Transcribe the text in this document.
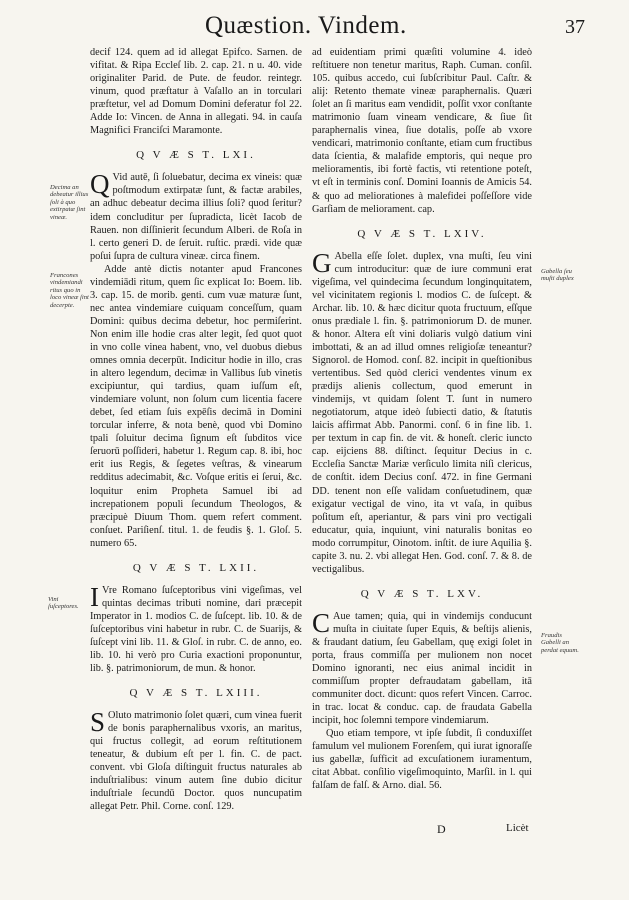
Quæstion. Vindem.	37
Decima an debeatur illius ſoli à quo extirpatæ ſint vineæ.
Francones vindemiandi ritus quo in loco vineæ ſint decerpte.
Vini ſuſceptores.
Gabella ſeu muſti duplex
Fraudis Gabelli an perdat equum.

decif 124. quem ad id allegat Epifco. Sarnen. de vifitat. & Ripa Eccleſ lib. 2. cap. 21. n u. 40. vide originaliter Parid. de Pute. de feudor. reintegr. vinum, quod præftatur à Vaſallo an in torculari præftetur, vel ad Domum Domini deferatur fol 22. Adde Io: Vincen. de Anna in allegati. 94. in cauſa Magnifici Franciſci Maramonte.

Q V Æ S T. LXI.

Q Vid autē, ſi ſoluebatur, decima ex vineis: quæ poſtmodum extirpatæ ſunt, & factæ arabiles, an adhuc debeatur decima illius ſoli? quod ſeritur? idem concluditur per ſupradicta, licèt Iacob de Rauen. non diſſinierit ſecundum Alberi. de Roſa in l. certo generi D. de ſeruit. ruſtic. prædi. vide quæ poſui ſupra de cultura vineæ. circa finem.

Adde antè dictis notanter apud Francones vindemiādi ritum, quem ſic explicat Io: Boem. lib. 3. cap. 15. de morib. genti. cum vuæ maturæ ſunt, nec antea vindemiare cuiquam conceſſum, quam Domini: quibus decima debetur, hoc permiſerint. Non enim ille hodie cras alter legit, ſed quot quot in vno colle vinea habent, vno, vel duobus diebus omnes omnia decerpūt. Indicitur hodie in illo, cras in altero legendum, decimæ in Vallibus ſub vinetis excipiuntur, qui tardius, quam iuſſum eſt, vindemiare volunt, non ſolum cum licentia facere debet, ſed etiam ſuis expēſis decimā in Domini torcular inferre, & nota benè, quod vbi Domino tpali ſoluitur decima ſignum eſt ſubditos vice ſeruorū poſſideri, habetur 1. Regum cap. 8. ibi, hoc erit ius Regis, & ſegetes veſtras, & vinearum redditus adecimabit, &c. Voſque eritis ei ſerui, &c. loquitur enim Propheta Samuel ibi ad increpationem populi ſecundum Theologos, & præcipuè Diuum Thom. quem refert comment. conſuet. Pariſienſ. titul. 1. de feudis §. 1. Gloſ. 5. numero 65.

Q V Æ S T. LXII.

I Vre Romano ſuſceptoribus vini vigeſimas, vel quintas decimas tributi nomine, dari præcepit Imperator in 1. modios C. de ſuſcept. lib. 10. & de ſuſceptoribus vini habetur in rubr. C. de Suarijs, & ſuſcept vini lib. 11. & Gloſ. in rubr. C. de anno, eo. lib. 10. hi verò pro Curia exactioni proponuntur, lib. §. patrimoniorum, de mun. & honor.

Q V Æ S T. LXIII.

S Oluto matrimonio ſolet quæri, cum vinea fuerit de bonis paraphernalibus vxoris, an maritus, qui fructus collegit, ad eorum reſtitutionem teneatur, & dubium eſt per l. fin. C. de pact. convent. vbi Gloſa diſtinguit fructus naturales ab induſtrialibus: vinum autem ſine dubio dicitur induſtriale ſecundū Doctor. quos nuncupatim allegat Petr. Phil. Corne. conſ. 129.

ad euidentiam primi quæſiti volumine 4. ideò reſtituere non tenetur maritus, Raph. Cuman. conſil. 105. quibus accedo, cui ſubſcribitur Paul. Caſtr. & alij: Retento themate vineæ paraphernalis. Quæri ſolet an ſi maritus eam vendidit, poſſit vxor conſtante matrimonio ſuam vineam vendicare, & ſiue ſit paraphernalis vinea, ſiue dotalis, poſſe ab vxore vendicari, matrimonio conſtante, etiam cum fructibus data ſcientia, & malafide emptoris, qui neque pro melioramentis, ibi fortè factis, vti retentione poteſt, vt eſt in terminis conſ. Domini Ioannis de Amicis 54. & quo ad meliorationes à malefidei poſſeſſore vide Garſiam de meliorament. cap.

Q V Æ S T. LXIV.

G Abella eſſe ſolet. duplex, vna muſti, ſeu vini cum introducitur: quæ de iure communi erat vigeſima, vel quindecima ſecundum longinquitatem, vel vicinitatem regionis l. modios C. de ſuſcept. & Archar. lib. 10. & hæc dicitur quota fructuum, eſſque onus prædiale l. fin. §. patrimoniorum D. de muner. & honor. Altera eſt vini doliaris vulgò datium vini imbottati, & an ad illud omnes religioſæ teneantur? Signorol. de Homod. conſ. 82. incipit in queſtionibus vertentibus. Sed quòd clerici vendentes vinum ex prædijs alienis collectum, quod emerunt in vindemijs, vt quidam ſolent T. ſunt in numero negotiatorum, atque ideò ſubiecti datio, & ſtatutis laicis affirmat Abb. Panormi. conſ. 6 in fine lib. 1. per textum in cap fin. de vit. & honeſt. cleric iuncto cap. eijciens 88. diſtinct. ſequitur Decius in c. Eccleſia Sanctæ Mariæ verſiculo limita niſi clericus, de conſtit. idem Decius conſ. 472. in fine Germani DD. tenent non eſſe validam conſuetudinem, quæ exigatur vectigal de vino, ita vt vaſa, in quibus poſitum eſt, aperiantur, & pars vini pro vectigali educatur, quia, inquiunt, vini naturalis bonitas eo modo corrumpitur, Oinotom. inſtit. de iure Aquilia §. capite 3. nu. 2. vbi allegat Hen. God. conſ. 7. & 8. de vectigalibus.

Q V Æ S T. LXV.

C Aue tamen; quia, qui in vindemijs conducunt muſta in ciuitate ſuper Equis, & beſtijs alienis, & fraudant datium, ſeu Gabellam, quę exigi ſolet in porta, fraus commiſſa per mulionem non nocet Domino ignoranti, nec eius animal incidit in commiſſum propter defraudatam gabellam, itā communiter doct. dicunt: quos refert Vincen. Carroc. in trac. locat & conduc. cap. de fraudata Gabella incipit, hoc ſolemni tempore vindemiarum.

Quo etiam tempore, vt ipſe ſubdit, ſi conduxiſſet famulum vel mulionem Forenſem, qui iurat ignoraſſe ius gabellæ, ſufficit ad excuſationem iuramentum, citat Abbat. conſilio vigeſimoquinto, Marſil. in l. qui falſam de falſ. & Arno. dial. 56.

D	Licèt
